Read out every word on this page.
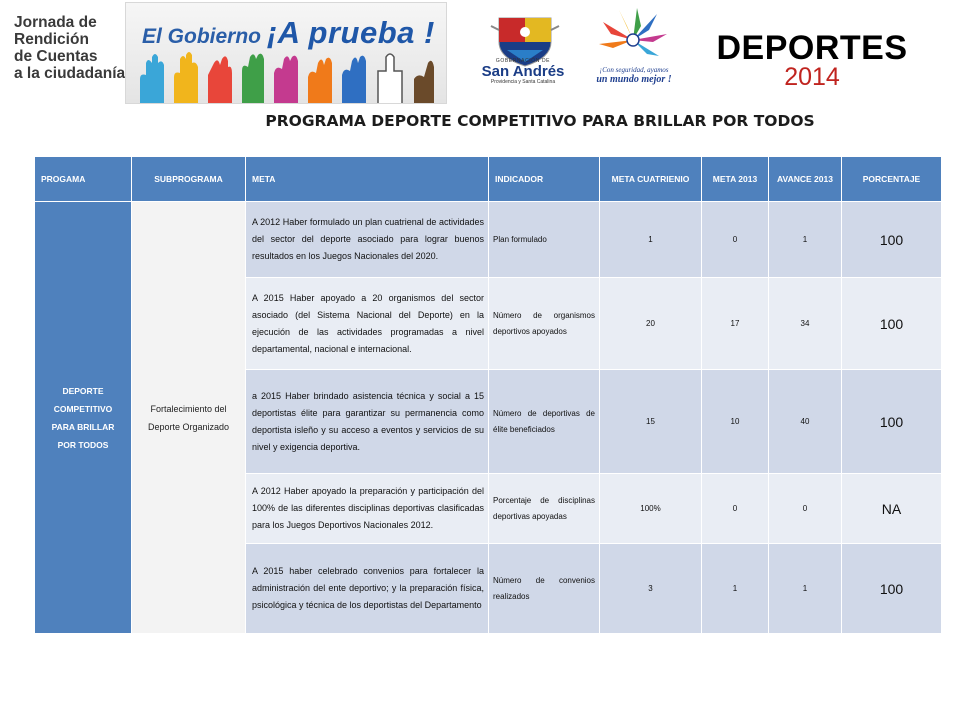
Jornada de
Rendición
de Cuentas
a la ciudadanía
El Gobierno ¡A prueba !
GOBERNACIÓN DE
San Andrés
Providencia y Santa Catalina
¡Con seguridad, ayamos
un mundo mejor !
DEPORTES
2014
PROGRAMA DEPORTE COMPETITIVO PARA BRILLAR POR TODOS
PROGAMA	SUBPROGRAMA	META	INDICADOR	META CUATRIENIO	META 2013	AVANCE 2013	PORCENTAJE
DEPORTE COMPETITIVO PARA BRILLAR POR TODOS	Fortalecimiento del Deporte Organizado	A 2012 Haber formulado un plan cuatrienal de actividades del sector del deporte asociado para lograr buenos resultados en los Juegos Nacionales del 2020.	Plan formulado	1	0	1	100
		A 2015 Haber apoyado a 20 organismos del sector asociado (del Sistema Nacional del Deporte) en la ejecución de las actividades programadas a nivel departamental, nacional e internacional.	Número de organismos deportivos apoyados	20	17	34	100
		a 2015 Haber brindado asistencia técnica y social a 15 deportistas élite para garantizar su permanencia como deportista isleño y su acceso a eventos y servicios de su nivel y exigencia deportiva.	Número de deportivas de élite beneficiados	15	10	40	100
		A 2012 Haber apoyado la preparación y participación del 100% de las diferentes disciplinas deportivas clasificadas para los Juegos Deportivos Nacionales 2012.	Porcentaje de disciplinas deportivas apoyadas	100%	0	0	NA
		A 2015 haber celebrado convenios para fortalecer la administración del ente deportivo; y la preparación física, psicológica y técnica de los deportistas del Departamento	Número de convenios realizados	3	1	1	100
